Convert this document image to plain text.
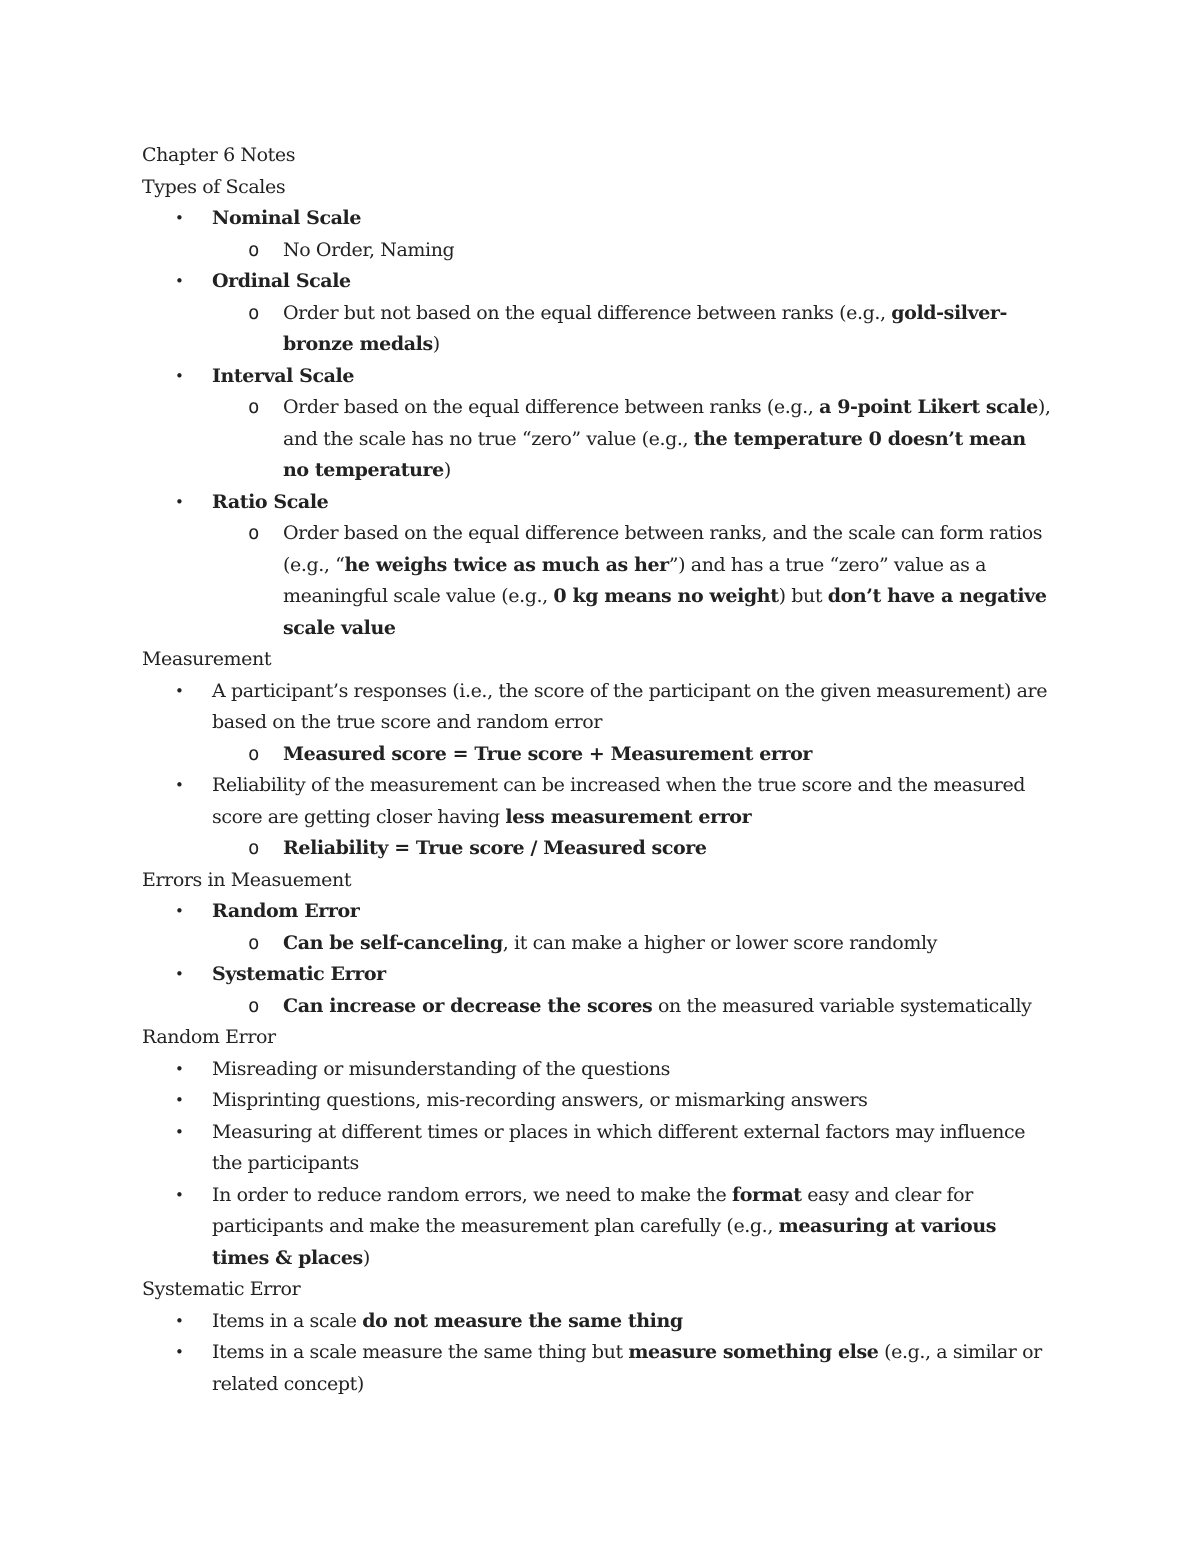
Chapter 6 Notes
Types of Scales
• Nominal Scale
o No Order, Naming
• Ordinal Scale
o Order but not based on the equal difference between ranks (e.g., gold-silver-bronze medals)
• Interval Scale
o Order based on the equal difference between ranks (e.g., a 9-point Likert scale), and the scale has no true “zero” value (e.g., the temperature 0 doesn’t mean no temperature)
• Ratio Scale
o Order based on the equal difference between ranks, and the scale can form ratios (e.g., “he weighs twice as much as her”) and has a true “zero” value as a meaningful scale value (e.g., 0 kg means no weight) but don’t have a negative scale value
Measurement
• A participant’s responses (i.e., the score of the participant on the given measurement) are based on the true score and random error
o Measured score = True score + Measurement error
• Reliability of the measurement can be increased when the true score and the measured score are getting closer having less measurement error
o Reliability = True score / Measured score
Errors in Measuement
• Random Error
o Can be self-canceling, it can make a higher or lower score randomly
• Systematic Error
o Can increase or decrease the scores on the measured variable systematically
Random Error
• Misreading or misunderstanding of the questions
• Misprinting questions, mis-recording answers, or mismarking answers
• Measuring at different times or places in which different external factors may influence the participants
• In order to reduce random errors, we need to make the format easy and clear for participants and make the measurement plan carefully (e.g., measuring at various times & places)
Systematic Error
• Items in a scale do not measure the same thing
• Items in a scale measure the same thing but measure something else (e.g., a similar or related concept)
